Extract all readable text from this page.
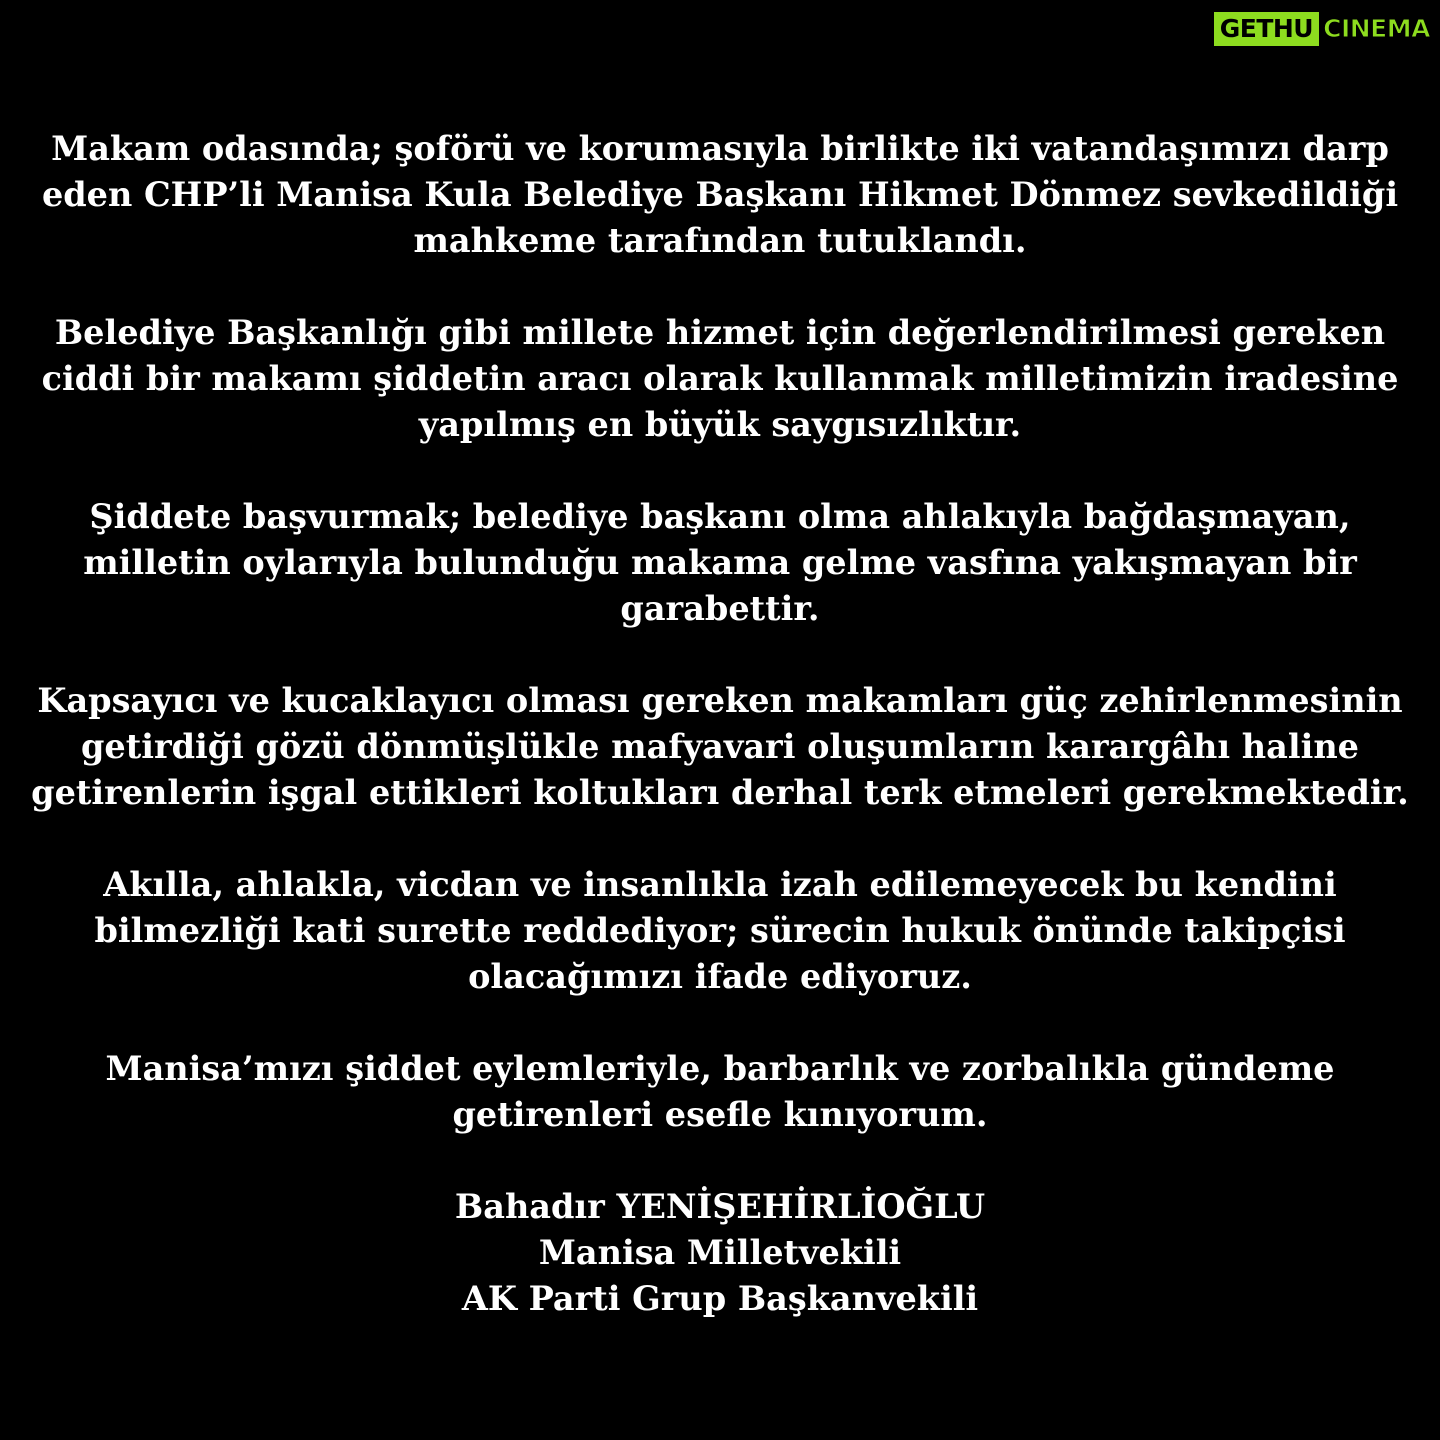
GETHU CINEMA

Makam odasında; şoförü ve korumasıyla birlikte iki vatandaşımızı darp
eden CHP’li Manisa Kula Belediye Başkanı Hikmet Dönmez sevkedildiği
mahkeme tarafından tutuklandı.

Belediye Başkanlığı gibi millete hizmet için değerlendirilmesi gereken
ciddi bir makamı şiddetin aracı olarak kullanmak milletimizin iradesine
yapılmış en büyük saygısızlıktır.

Şiddete başvurmak; belediye başkanı olma ahlakıyla bağdaşmayan,
milletin oylarıyla bulunduğu makama gelme vasfına yakışmayan bir
garabettir.

Kapsayıcı ve kucaklayıcı olması gereken makamları güç zehirlenmesinin
getirdiği gözü dönmüşlükle mafyavari oluşumların karargâhı haline
getirenlerin işgal ettikleri koltukları derhal terk etmeleri gerekmektedir.

Akılla, ahlakla, vicdan ve insanlıkla izah edilemeyecek bu kendini
bilmezliği kati surette reddediyor; sürecin hukuk önünde takipçisi
olacağımızı ifade ediyoruz.

Manisa’mızı şiddet eylemleriyle, barbarlık ve zorbalıkla gündeme
getirenleri esefle kınıyorum.

Bahadır YENİŞEHİRLİOĞLU
Manisa Milletvekili
AK Parti Grup Başkanvekili
